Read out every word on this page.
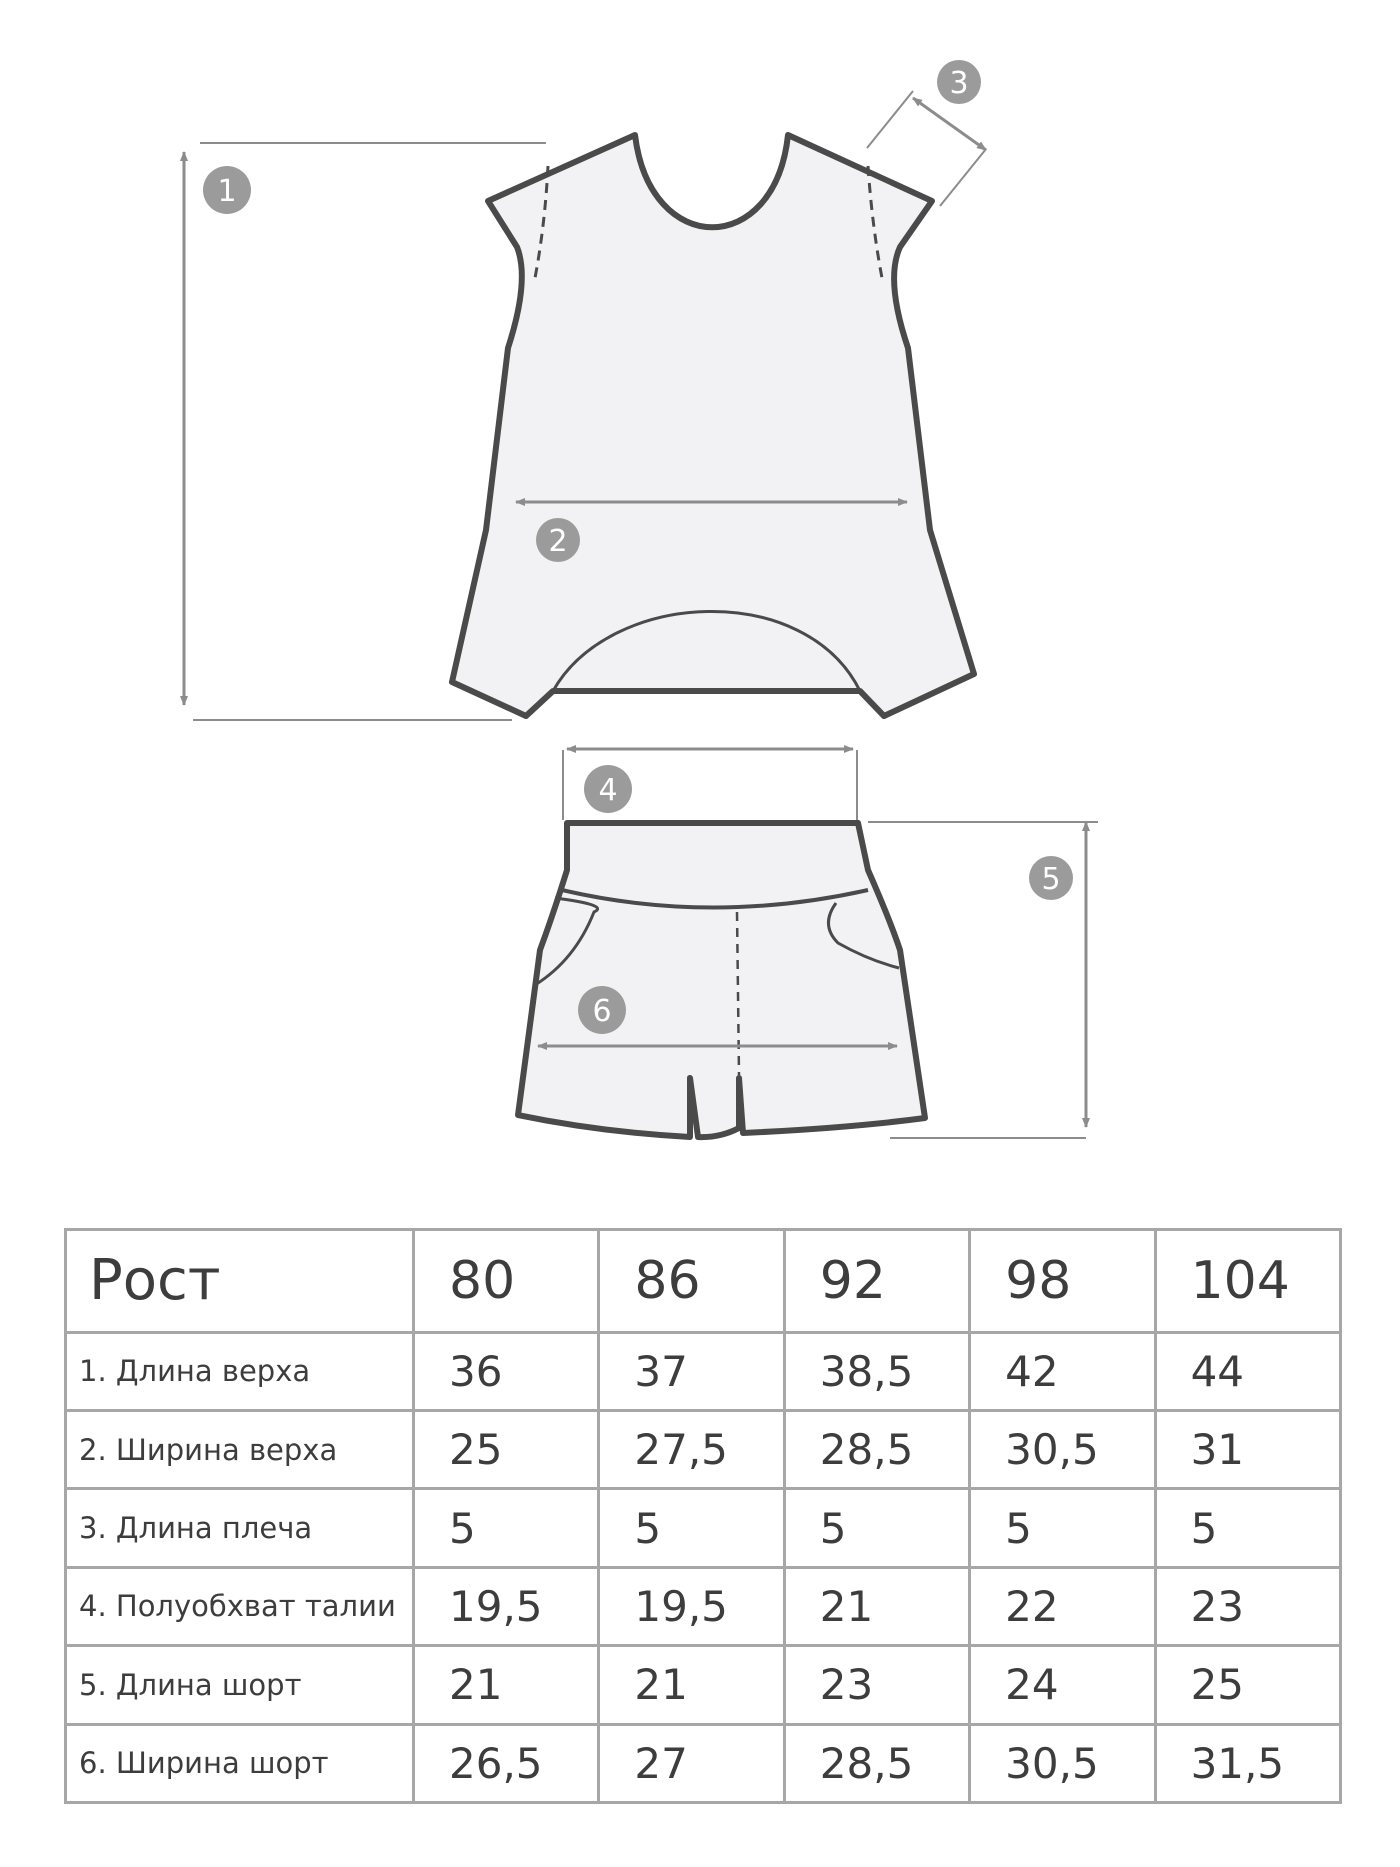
1
2
3
4
5
6
Рост	80	86	92	98	104
1. Длина верха	36	37	38,5	42	44
2. Ширина верха	25	27,5	28,5	30,5	31
3. Длина плеча	5	5	5	5	5
4. Полуобхват талии	19,5	19,5	21	22	23
5. Длина шорт	21	21	23	24	25
6. Ширина шорт	26,5	27	28,5	30,5	31,5
